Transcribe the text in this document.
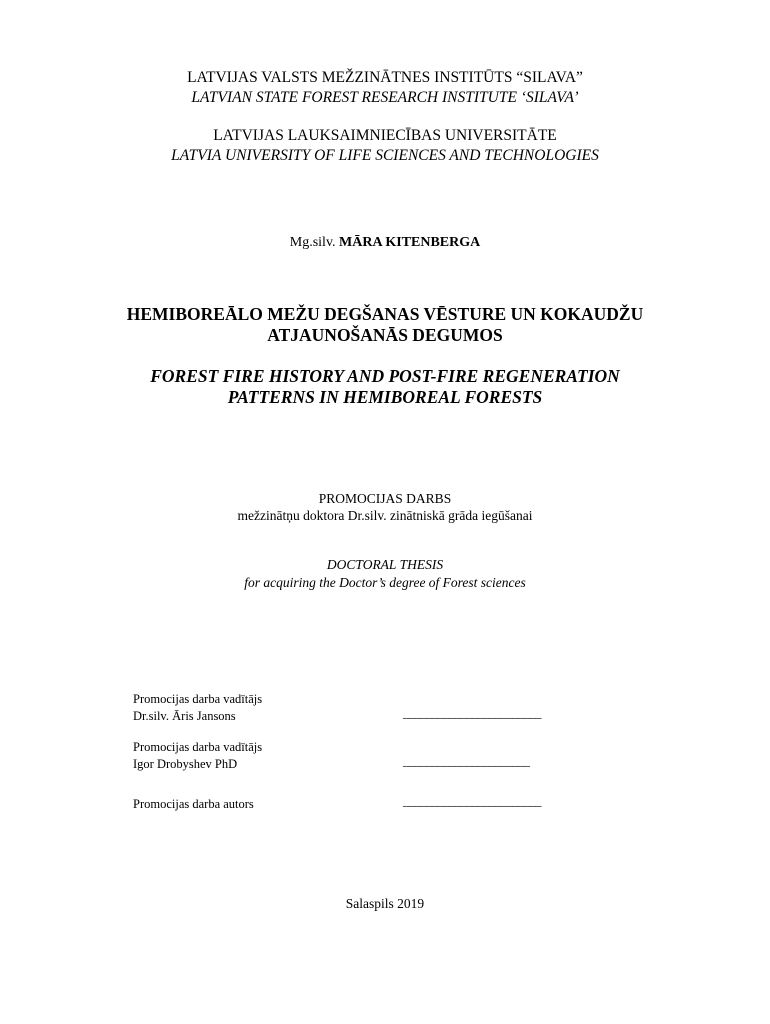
LATVIJAS VALSTS MEŽZINĀTNES INSTITŪTS “SILAVA”
LATVIAN STATE FOREST RESEARCH INSTITUTE ‘SILAVA’
LATVIJAS LAUKSAIMNIECĪBAS UNIVERSITĀTE
LATVIA UNIVERSITY OF LIFE SCIENCES AND TECHNOLOGIES
Mg.silv. MĀRA KITENBERGA
HEMIBOREĀLO MEŽU DEGŠANAS VĒSTURE UN KOKAUDŽU
ATJAUNOŠANĀS DEGUMOS
FOREST FIRE HISTORY AND POST-FIRE REGENERATION
PATTERNS IN HEMIBOREAL FORESTS
PROMOCIJAS DARBS
mežzinātņu doktora Dr.silv. zinātniskā grāda iegūšanai
DOCTORAL THESIS
for acquiring the Doctor’s degree of Forest sciences
Promocijas darba vadītājs
Dr.silv. Āris Jansons	________________________
Promocijas darba vadītājs
Igor Drobyshev PhD	______________________
Promocijas darba autors	________________________
Salaspils 2019
